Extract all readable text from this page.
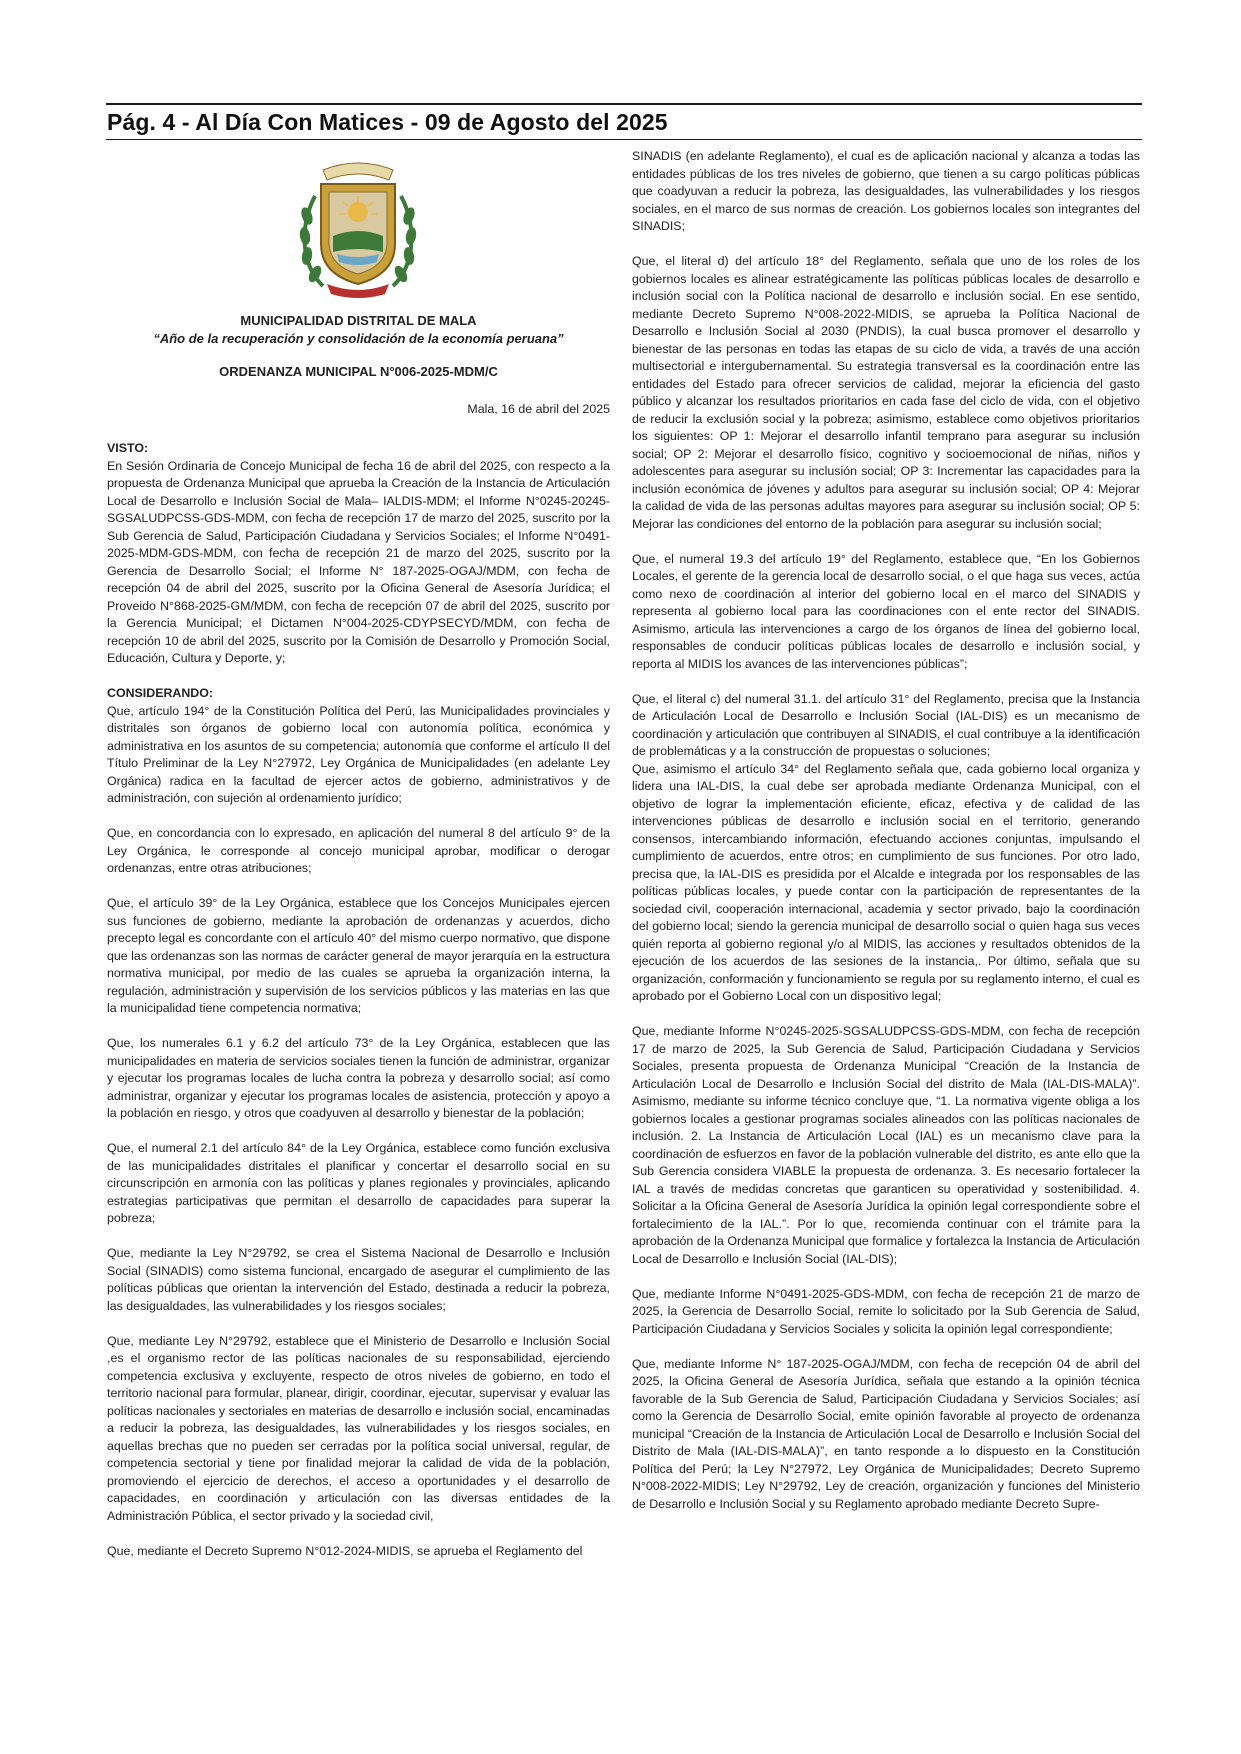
Pág. 4 - Al Día Con Matices - 09 de Agosto del 2025
MUNICIPALIDAD DISTRITAL DE MALA
“Año de la recuperación y consolidación de la economía peruana”
ORDENANZA MUNICIPAL N°006-2025-MDM/C
Mala, 16 de abril del 2025
VISTO:

En Sesión Ordinaria de Concejo Municipal de fecha 16 de abril del 2025, con respecto a la propuesta de Ordenanza Municipal que aprueba la Creación de la Instancia de Articulación Local de Desarrollo e Inclusión Social de Mala– IALDIS-MDM; el Informe N°0245-20245-SGSALUDPCSS-GDS-MDM, con fecha de recepción 17 de marzo del 2025, suscrito por la Sub Gerencia de Salud, Participación Ciudadana y Servicios Sociales; el Informe N°0491-2025-MDM-GDS-MDM, con fecha de recepción 21 de marzo del 2025, suscrito por la Gerencia de Desarrollo Social; el Informe N° 187-2025-OGAJ/MDM, con fecha de recepción 04 de abril del 2025, suscrito por la Oficina General de Asesoría Jurídica; el Proveido N°868-2025-GM/MDM, con fecha de recepción 07 de abril del 2025, suscrito por la Gerencia Municipal; el Dictamen N°004-2025-CDYPSECYD/MDM, con fecha de recepción 10 de abril del 2025, suscrito por la Comisión de Desarrollo y Promoción Social, Educación, Cultura y Deporte, y;

CONSIDERANDO:

Que, artículo 194° de la Constitución Política del Perú, las Municipalidades provinciales y distritales son órganos de gobierno local con autonomía política, económica y administrativa en los asuntos de su competencia; autonomía que conforme el artículo II del Título Preliminar de la Ley N°27972, Ley Orgánica de Municipalidades (en adelante Ley Orgánica) radica en la facultad de ejercer actos de gobierno, administrativos y de administración, con sujeción al ordenamiento jurídico;

Que, en concordancia con lo expresado, en aplicación del numeral 8 del artículo 9° de la Ley Orgánica, le corresponde al concejo municipal aprobar, modificar o derogar ordenanzas, entre otras atribuciones;

Que, el artículo 39° de la Ley Orgánica, establece que los Concejos Municipales ejercen sus funciones de gobierno, mediante la aprobación de ordenanzas y acuerdos, dicho precepto legal es concordante con el artículo 40° del mismo cuerpo normativo, que dispone que las ordenanzas son las normas de carácter general de mayor jerarquía en la estructura normativa municipal, por medio de las cuales se aprueba la organización interna, la regulación, administración y supervisión de los servicios públicos y las materias en las que la municipalidad tiene competencia normativa;

Que, los numerales 6.1 y 6.2 del artículo 73° de la Ley Orgánica, establecen que las municipalidades en materia de servicios sociales tienen la función de administrar, organizar y ejecutar los programas locales de lucha contra la pobreza y desarrollo social; así como administrar, organizar y ejecutar los programas locales de asistencia, protección y apoyo a la población en riesgo, y otros que coadyuven al desarrollo y bienestar de la población;

Que, el numeral 2.1 del artículo 84° de la Ley Orgánica, establece como función exclusiva de las municipalidades distritales el planificar y concertar el desarrollo social en su circunscripción en armonía con las políticas y planes regionales y provinciales, aplicando estrategias participativas que permitan el desarrollo de capacidades para superar la pobreza;

Que, mediante la Ley N°29792, se crea el Sistema Nacional de Desarrollo e Inclusión Social (SINADIS) como sistema funcional, encargado de asegurar el cumplimiento de las políticas públicas que orientan la intervención del Estado, destinada a reducir la pobreza, las desigualdades, las vulnerabilidades y los riesgos sociales;

Que, mediante Ley N°29792, establece que el Ministerio de Desarrollo e Inclusión Social ,es el organismo rector de las políticas nacionales de su responsabilidad, ejerciendo competencia exclusiva y excluyente, respecto de otros niveles de gobierno, en todo el territorio nacional para formular, planear, dirigir, coordinar, ejecutar, supervisar y evaluar las políticas nacionales y sectoriales en materias de desarrollo e inclusión social, encaminadas a reducir la pobreza, las desigualdades, las vulnerabilidades y los riesgos sociales, en aquellas brechas que no pueden ser cerradas por la política social universal, regular, de competencia sectorial y tiene por finalidad mejorar la calidad de vida de la población, promoviendo el ejercicio de derechos, el acceso a oportunidades y el desarrollo de capacidades, en coordinación y articulación con las diversas entidades de la Administración Pública, el sector privado y la sociedad civil,

Que, mediante el Decreto Supremo N°012-2024-MIDIS, se aprueba el Reglamento del

SINADIS (en adelante Reglamento), el cual es de aplicación nacional y alcanza a todas las entidades públicas de los tres niveles de gobierno, que tienen a su cargo políticas públicas que coadyuvan a reducir la pobreza, las desigualdades, las vulnerabilidades y los riesgos sociales, en el marco de sus normas de creación. Los gobiernos locales son integrantes del SINADIS;

Que, el literal d) del artículo 18° del Reglamento, señala que uno de los roles de los gobiernos locales es alinear estratégicamente las políticas públicas locales de desarrollo e inclusión social con la Política nacional de desarrollo e inclusión social. En ese sentido, mediante Decreto Supremo N°008-2022-MIDIS, se aprueba la Política Nacional de Desarrollo e Inclusión Social al 2030 (PNDIS), la cual busca promover el desarrollo y bienestar de las personas en todas las etapas de su ciclo de vida, a través de una acción multisectorial e intergubernamental. Su estrategia transversal es la coordinación entre las entidades del Estado para ofrecer servicios de calidad, mejorar la eficiencia del gasto público y alcanzar los resultados prioritarios en cada fase del ciclo de vida, con el objetivo de reducir la exclusión social y la pobreza; asimismo, establece como objetivos prioritarios los siguientes: OP 1: Mejorar el desarrollo infantil temprano para asegurar su inclusión social; OP 2: Mejorar el desarrollo físico, cognitivo y socioemocional de niñas, niños y adolescentes para asegurar su inclusión social; OP 3: Incrementar las capacidades para la inclusión económica de jóvenes y adultos para asegurar su inclusión social; OP 4: Mejorar la calidad de vida de las personas adultas mayores para asegurar su inclusión social; OP 5: Mejorar las condiciones del entorno de la población para asegurar su inclusión social;

Que, el numeral 19.3 del artículo 19° del Reglamento, establece que, “En los Gobiernos Locales, el gerente de la gerencia local de desarrollo social, o el que haga sus veces, actúa como nexo de coordinación al interior del gobierno local en el marco del SINADIS y representa al gobierno local para las coordinaciones con el ente rector del SINADIS. Asimismo, articula las intervenciones a cargo de los órganos de línea del gobierno local, responsables de conducir políticas públicas locales de desarrollo e inclusión social, y reporta al MIDIS los avances de las intervenciones públicas”;

Que, el literal c) del numeral 31.1. del artículo 31° del Reglamento, precisa que la Instancia de Articulación Local de Desarrollo e Inclusión Social (IAL-DIS) es un mecanismo de coordinación y articulación que contribuyen al SINADIS, el cual contribuye a la identificación de problemáticas y a la construcción de propuestas o soluciones;

Que, asimismo el artículo 34° del Reglamento señala que, cada gobierno local organiza y lidera una IAL-DIS, la cual debe ser aprobada mediante Ordenanza Municipal, con el objetivo de lograr la implementación eficiente, eficaz, efectiva y de calidad de las intervenciones públicas de desarrollo e inclusión social en el territorio, generando consensos, intercambiando información, efectuando acciones conjuntas, impulsando el cumplimiento de acuerdos, entre otros; en cumplimiento de sus funciones. Por otro lado, precisa que, la IAL-DIS es presidida por el Alcalde e integrada por los responsables de las políticas públicas locales, y puede contar con la participación de representantes de la sociedad civil, cooperación internacional, academia y sector privado, bajo la coordinación del gobierno local; siendo la gerencia municipal de desarrollo social o quien haga sus veces quién reporta al gobierno regional y/o al MIDIS, las acciones y resultados obtenidos de la ejecución de los acuerdos de las sesiones de la instancia,. Por último, señala que su organización, conformación y funcionamiento se regula por su reglamento interno, el cual es aprobado por el Gobierno Local con un dispositivo legal;

Que, mediante Informe N°0245-2025-SGSALUDPCSS-GDS-MDM, con fecha de recepción 17 de marzo de 2025, la Sub Gerencia de Salud, Participación Ciudadana y Servicios Sociales, presenta propuesta de Ordenanza Municipal “Creación de la Instancia de Articulación Local de Desarrollo e Inclusión Social del distrito de Mala (IAL-DIS-MALA)”. Asimismo, mediante su informe técnico concluye que, “1. La normativa vigente obliga a los gobiernos locales a gestionar programas sociales alineados con las políticas nacionales de inclusión. 2. La Instancia de Articulación Local (IAL) es un mecanismo clave para la coordinación de esfuerzos en favor de la población vulnerable del distrito, es ante ello que la Sub Gerencia considera VIABLE la propuesta de ordenanza. 3. Es necesario fortalecer la IAL a través de medidas concretas que garanticen su operatividad y sostenibilidad. 4. Solicitar a la Oficina General de Asesoría Jurídica la opinión legal correspondiente sobre el fortalecimiento de la IAL.”. Por lo que, recomienda continuar con el trámite para la aprobación de la Ordenanza Municipal que formalice y fortalezca la Instancia de Articulación Local de Desarrollo e Inclusión Social (IAL-DIS);

Que, mediante Informe N°0491-2025-GDS-MDM, con fecha de recepción 21 de marzo de 2025, la Gerencia de Desarrollo Social, remite lo solicitado por la Sub Gerencia de Salud, Participación Ciudadana y Servicios Sociales y solicita la opinión legal correspondiente;

Que, mediante Informe N° 187-2025-OGAJ/MDM, con fecha de recepción 04 de abril del 2025, la Oficina General de Asesoría Jurídica, señala que estando a la opinión técnica favorable de la Sub Gerencia de Salud, Participación Ciudadana y Servicios Sociales; así como la Gerencia de Desarrollo Social, emite opinión favorable al proyecto de ordenanza municipal “Creación de la Instancia de Articulación Local de Desarrollo e Inclusión Social del Distrito de Mala (IAL-DIS-MALA)”, en tanto responde a lo dispuesto en la Constitución Política del Perú; la Ley N°27972, Ley Orgánica de Municipalidades; Decreto Supremo N°008-2022-MIDIS; Ley N°29792, Ley de creación, organización y funciones del Ministerio de Desarrollo e Inclusión Social y su Reglamento aprobado mediante Decreto Supre-
